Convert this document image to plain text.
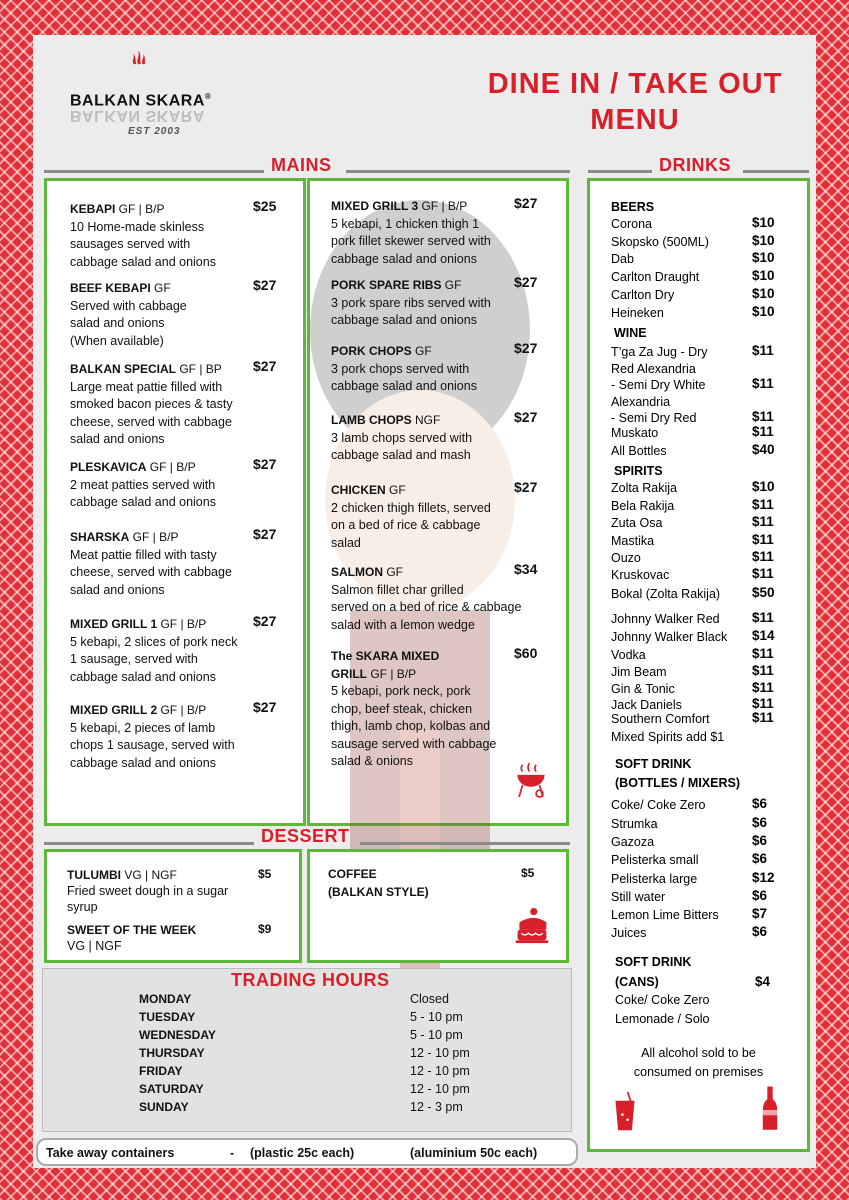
BALKAN SKARA®
BALKAN SKARA
EST 2003
DINE IN / TAKE OUT
MENU
MAINS	DRINKS
KEBAPI GF | B/P
10 Home-made skinless
sausages served with
cabbage salad and onions
$25
BEEF KEBAPI GF
Served with cabbage
salad and onions
(When available)
$27
BALKAN SPECIAL GF | BP
Large meat pattie filled with
smoked bacon pieces & tasty
cheese, served with cabbage
salad and onions
$27
PLESKAVICA GF | B/P
2 meat patties served with
cabbage salad and onions
$27
SHARSKA GF | B/P
Meat pattie filled with tasty
cheese, served with cabbage
salad and onions
$27
MIXED GRILL 1 GF | B/P
5 kebapi, 2 slices of pork neck
1 sausage, served with
cabbage salad and onions
$27
MIXED GRILL 2 GF | B/P
5 kebapi, 2 pieces of lamb
chops 1 sausage, served with
cabbage salad and onions
$27
MIXED GRILL 3 GF | B/P
5 kebapi, 1 chicken thigh 1
pork fillet skewer served with
cabbage salad and onions
$27
PORK SPARE RIBS GF
3 pork spare ribs served with
cabbage salad and onions
$27
PORK CHOPS GF
3 pork chops served with
cabbage salad and onions
$27
LAMB CHOPS NGF
3 lamb chops served with
cabbage salad and mash
$27
CHICKEN GF
2 chicken thigh fillets, served
on a bed of rice & cabbage
salad
$27
SALMON GF
Salmon fillet char grilled
served on a bed of rice & cabbage
salad with a lemon wedge
$34
The SKARA MIXED
GRILL GF | B/P
5 kebapi, pork neck, pork
chop, beef steak, chicken
thigh, lamb chop, kolbas and
sausage served with cabbage
salad & onions
$60
DESSERT
TULUMBI VG | NGF
Fried sweet dough in a sugar
syrup
$5
SWEET OF THE WEEK
VG | NGF
$9
COFFEE
(BALKAN STYLE)
$5
TRADING HOURS
MONDAY	Closed
TUESDAY	5 - 10 pm
WEDNESDAY	5 - 10 pm
THURSDAY	12 - 10 pm
FRIDAY	12 - 10 pm
SATURDAY	12 - 10 pm
SUNDAY	12 - 3 pm
Take away containers	- (plastic 25c each)	(aluminium 50c each)
BEERS
Corona	$10
Skopsko (500ML)	$10
Dab	$10
Carlton Draught	$10
Carlton Dry	$10
Heineken	$10
WINE
T’ga Za Jug - Dry	$11
Red Alexandria
- Semi Dry White	$11
Alexandria
- Semi Dry Red	$11
Muskato	$11
All Bottles	$40
SPIRITS
Zolta Rakija	$10
Bela Rakija	$11
Zuta Osa	$11
Mastika	$11
Ouzo	$11
Kruskovac	$11
Bokal (Zolta Rakija) $50
Johnny Walker Red $11
Johnny Walker Black $14
Vodka	$11
Jim Beam	$11
Gin & Tonic	$11
Jack Daniels	$11
Southern Comfort	$11
Mixed Spirits add $1
SOFT DRINK
(BOTTLES / MIXERS)
Coke/ Coke Zero	$6
Strumka	$6
Gazoza	$6
Pelisterka small	$6
Pelisterka large	$12
Still water	$6
Lemon Lime Bitters $7
Juices	$6
SOFT DRINK
(CANS)	$4
Coke/ Coke Zero
Lemonade / Solo
All alcohol sold to be
consumed on premises
